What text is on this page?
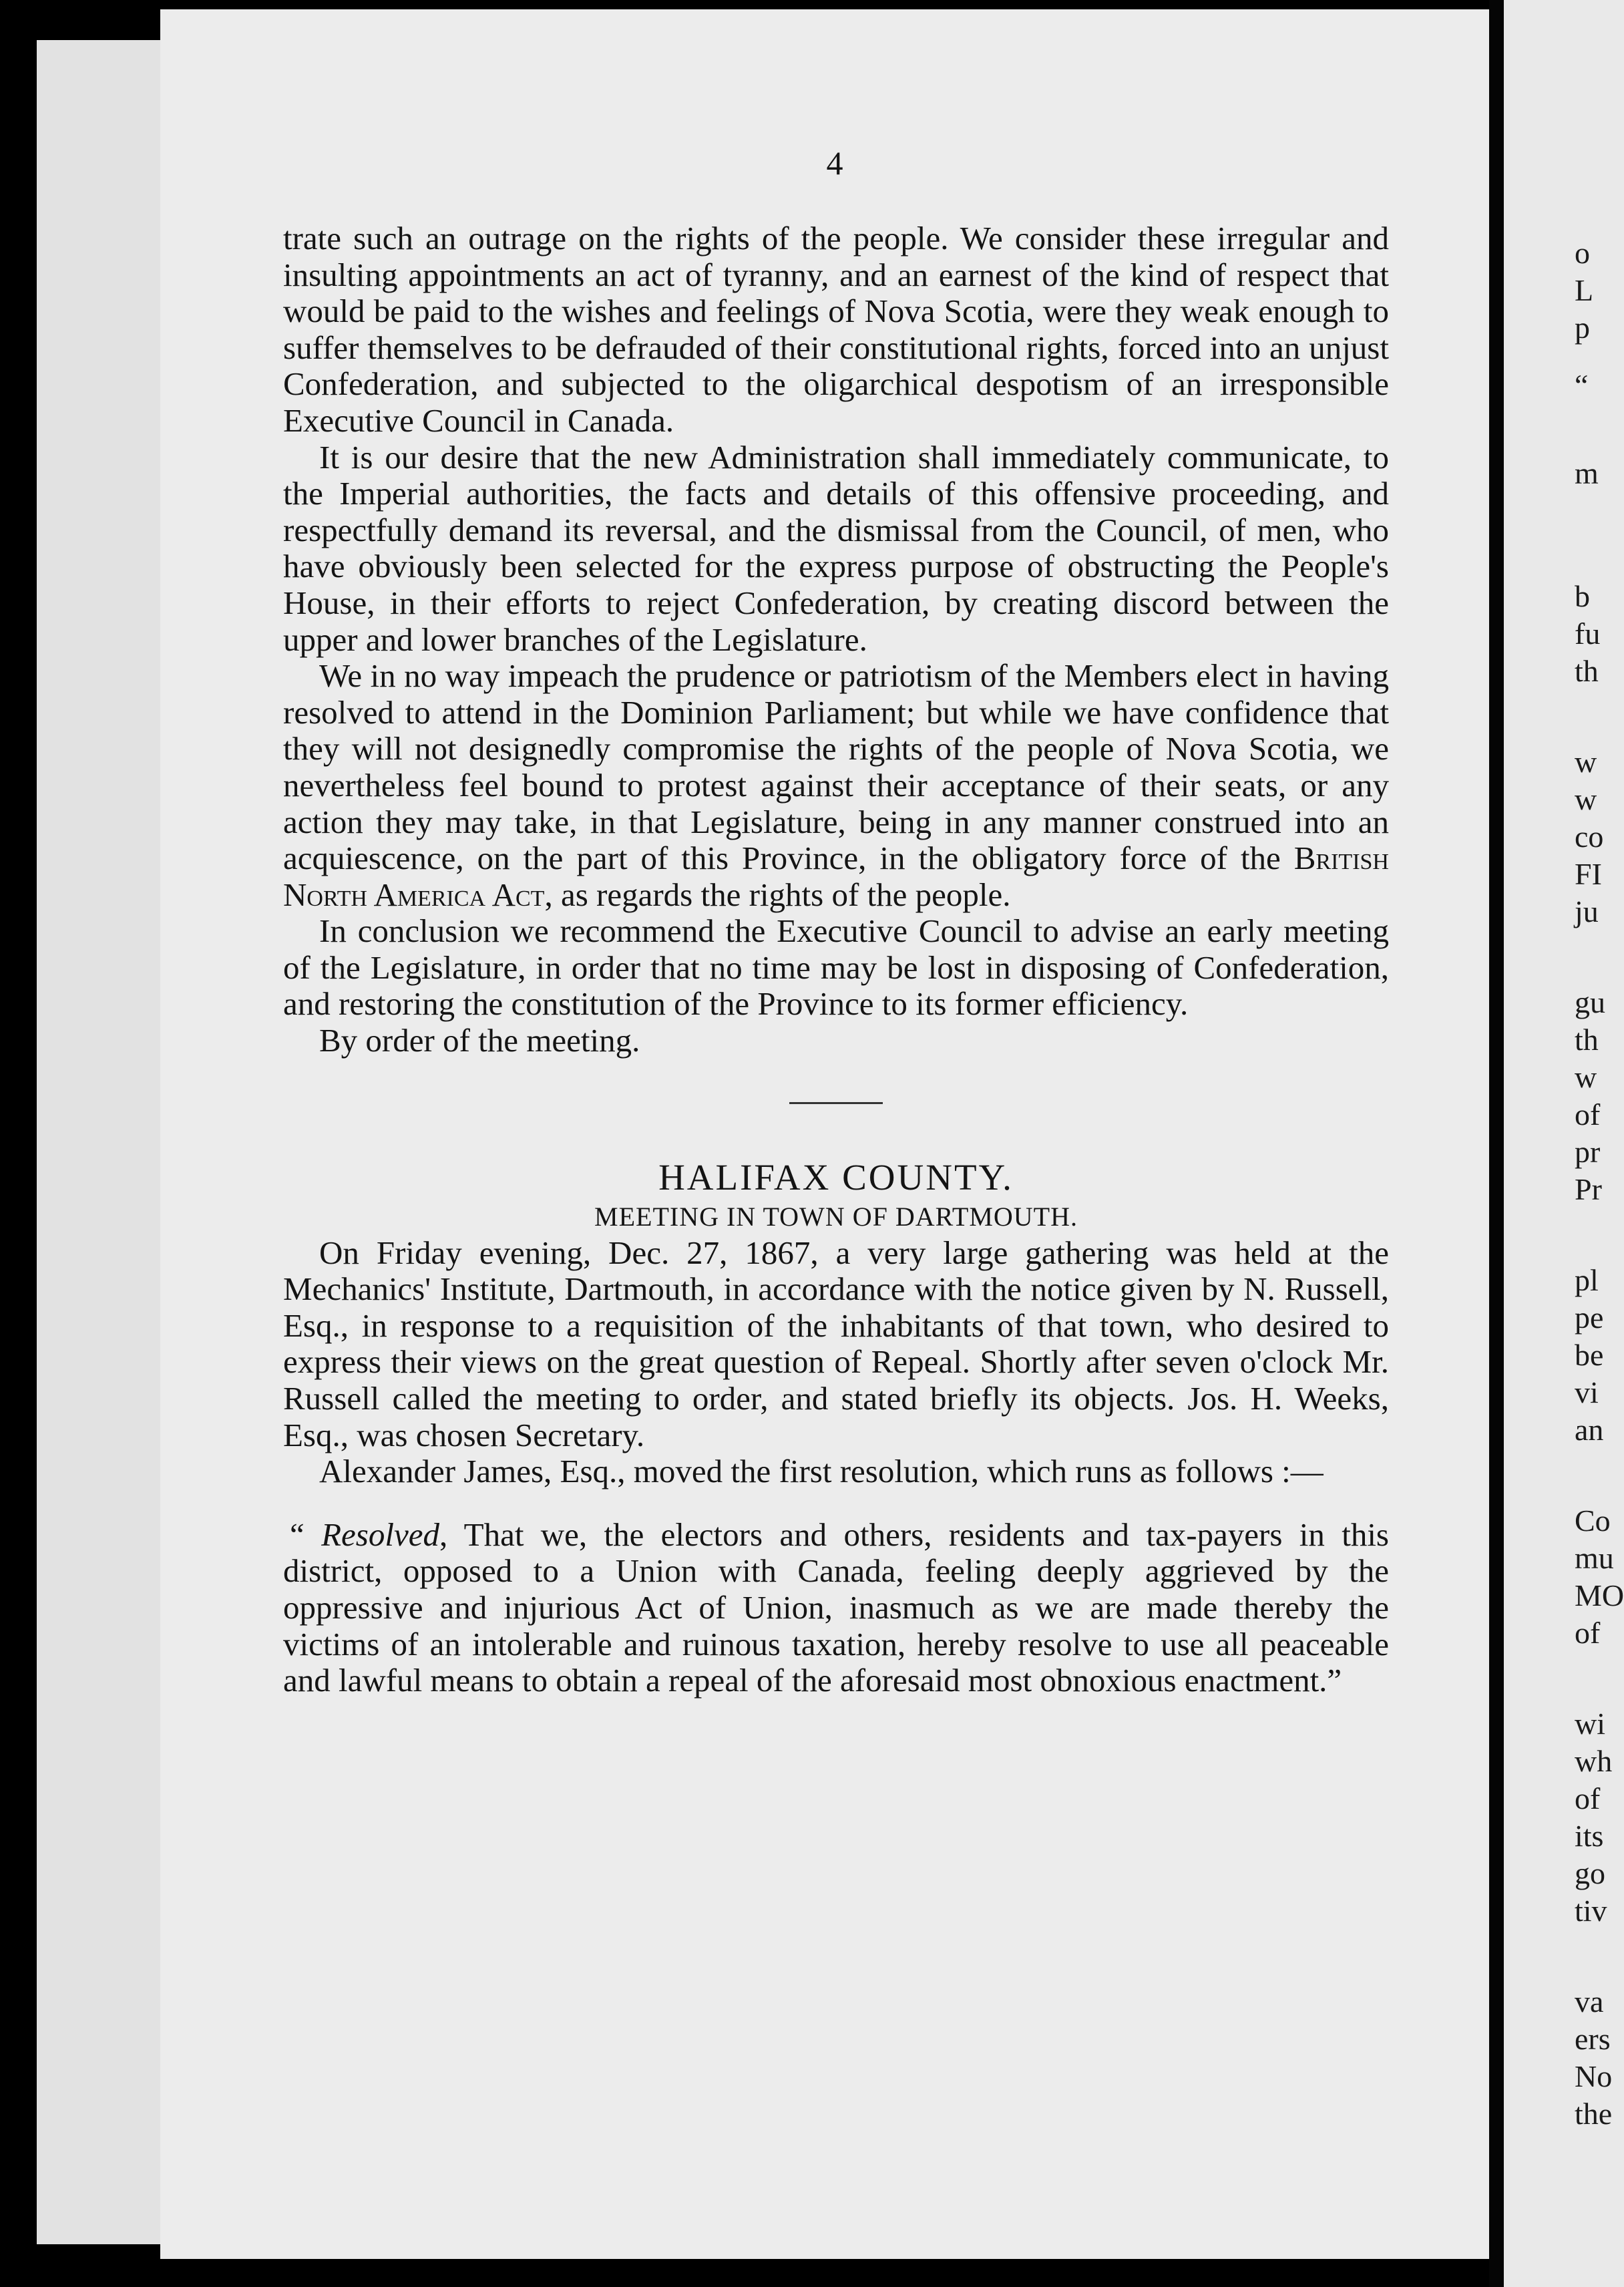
4

trate such an outrage on the rights of the people. We consider these irregular and insulting appointments an act of tyranny, and an earnest of the kind of respect that would be paid to the wishes and feelings of Nova Scotia, were they weak enough to suffer themselves to be defrauded of their constitutional rights, forced into an unjust Confederation, and subjected to the oligarchical despotism of an irresponsible Executive Council in Canada.

It is our desire that the new Administration shall immediately communicate, to the Imperial authorities, the facts and details of this offensive proceeding, and respectfully demand its reversal, and the dismissal from the Council, of men, who have obviously been selected for the express purpose of obstructing the People's House, in their efforts to reject Confederation, by creating discord between the upper and lower branches of the Legislature.

We in no way impeach the prudence or patriotism of the Members elect in having resolved to attend in the Dominion Parliament; but while we have confidence that they will not designedly compromise the rights of the people of Nova Scotia, we nevertheless feel bound to protest against their acceptance of their seats, or any action they may take, in that Legislature, being in any manner construed into an acquiescence, on the part of this Province, in the obligatory force of the British North America Act, as regards the rights of the people.

In conclusion we recommend the Executive Council to advise an early meeting of the Legislature, in order that no time may be lost in disposing of Confederation, and restoring the constitution of the Province to its former efficiency.

By order of the meeting.

HALIFAX COUNTY.

MEETING IN TOWN OF DARTMOUTH.

On Friday evening, Dec. 27, 1867, a very large gathering was held at the Mechanics' Institute, Dartmouth, in accordance with the notice given by N. Russell, Esq., in response to a requisition of the inhabitants of that town, who desired to express their views on the great question of Repeal. Shortly after seven o'clock Mr. Russell called the meeting to order, and stated briefly its objects. Jos. H. Weeks, Esq., was chosen Secretary.

Alexander James, Esq., moved the first resolution, which runs as follows :—

“ Resolved, That we, the electors and others, residents and tax-payers in this district, opposed to a Union with Canada, feeling deeply aggrieved by the oppressive and injurious Act of Union, inasmuch as we are made thereby the victims of an intolerable and ruinous taxation, hereby resolve to use all peaceable and lawful means to obtain a repeal of the aforesaid most obnoxious enactment.”

o
L
p
“
m
b
fu
th
w
w
co
FI
ju
gu
th
w
of
pr
Pr
pl
pe
be
vi
an
Co
mu
MO
of
wi
wh
of
its
go
tiv
va
ers
No
the
